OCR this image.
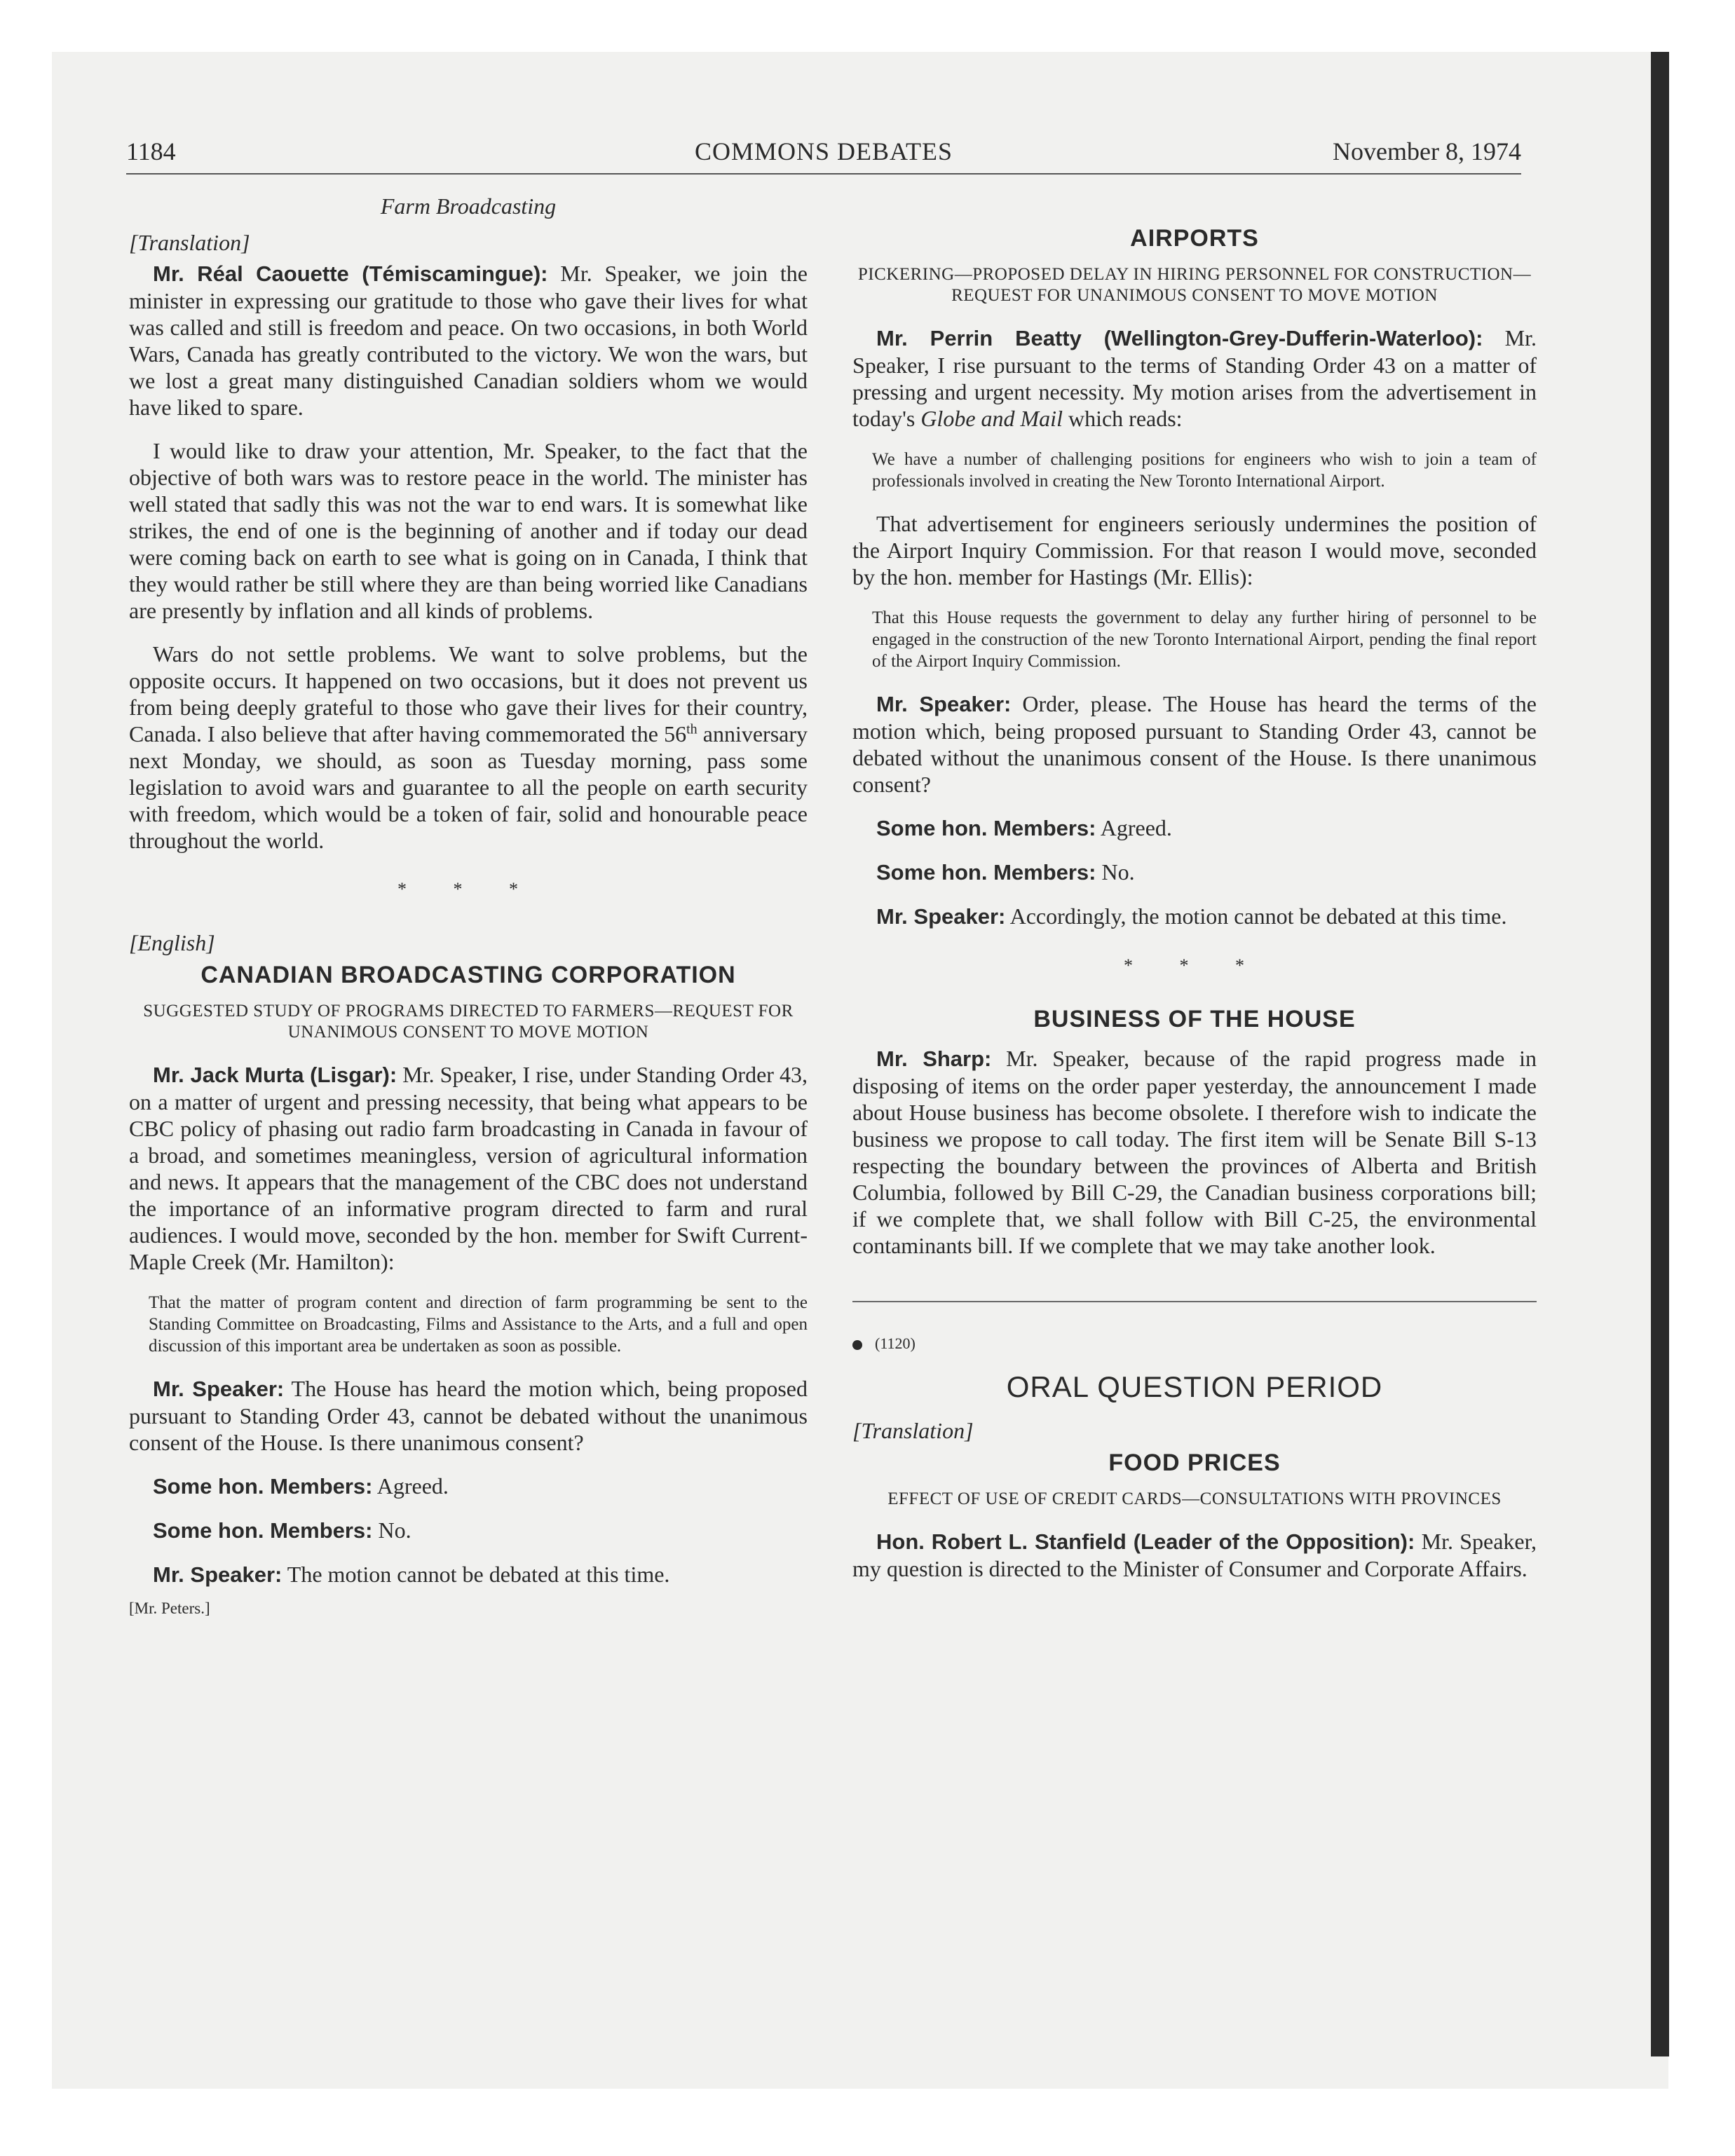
1184	COMMONS DEBATES	November 8, 1974
Farm Broadcasting
[Translation]

Mr. Réal Caouette (Témiscamingue): Mr. Speaker, we join the minister in expressing our gratitude to those who gave their lives for what was called and still is freedom and peace. On two occasions, in both World Wars, Canada has greatly contributed to the victory. We won the wars, but we lost a great many distinguished Canadian soldiers whom we would have liked to spare.

I would like to draw your attention, Mr. Speaker, to the fact that the objective of both wars was to restore peace in the world. The minister has well stated that sadly this was not the war to end wars. It is somewhat like strikes, the end of one is the beginning of another and if today our dead were coming back on earth to see what is going on in Canada, I think that they would rather be still where they are than being worried like Canadians are presently by inflation and all kinds of problems.

Wars do not settle problems. We want to solve problems, but the opposite occurs. It happened on two occasions, but it does not prevent us from being deeply grateful to those who gave their lives for their country, Canada. I also believe that after having commemorated the 56th anniversary next Monday, we should, as soon as Tuesday morning, pass some legislation to avoid wars and guarantee to all the people on earth security with freedom, which would be a token of fair, solid and honourable peace throughout the world.

* * *
[English]
CANADIAN BROADCASTING CORPORATION
SUGGESTED STUDY OF PROGRAMS DIRECTED TO FARMERS—REQUEST FOR UNANIMOUS CONSENT TO MOVE MOTION

Mr. Jack Murta (Lisgar): Mr. Speaker, I rise, under Standing Order 43, on a matter of urgent and pressing necessity, that being what appears to be CBC policy of phasing out radio farm broadcasting in Canada in favour of a broad, and sometimes meaningless, version of agricultural information and news. It appears that the management of the CBC does not understand the importance of an informative program directed to farm and rural audiences. I would move, seconded by the hon. member for Swift Current-Maple Creek (Mr. Hamilton):

That the matter of program content and direction of farm programming be sent to the Standing Committee on Broadcasting, Films and Assistance to the Arts, and a full and open discussion of this important area be undertaken as soon as possible.

Mr. Speaker: The House has heard the motion which, being proposed pursuant to Standing Order 43, cannot be debated without the unanimous consent of the House. Is there unanimous consent?

Some hon. Members: Agreed.

Some hon. Members: No.

Mr. Speaker: The motion cannot be debated at this time.

[Mr. Peters.]
AIRPORTS
PICKERING—PROPOSED DELAY IN HIRING PERSONNEL FOR CONSTRUCTION—REQUEST FOR UNANIMOUS CONSENT TO MOVE MOTION

Mr. Perrin Beatty (Wellington-Grey-Dufferin-Waterloo): Mr. Speaker, I rise pursuant to the terms of Standing Order 43 on a matter of pressing and urgent necessity. My motion arises from the advertisement in today's Globe and Mail which reads:

We have a number of challenging positions for engineers who wish to join a team of professionals involved in creating the New Toronto International Airport.

That advertisement for engineers seriously undermines the position of the Airport Inquiry Commission. For that reason I would move, seconded by the hon. member for Hastings (Mr. Ellis):

That this House requests the government to delay any further hiring of personnel to be engaged in the construction of the new Toronto International Airport, pending the final report of the Airport Inquiry Commission.

Mr. Speaker: Order, please. The House has heard the terms of the motion which, being proposed pursuant to Standing Order 43, cannot be debated without the unanimous consent of the House. Is there unanimous consent?

Some hon. Members: Agreed.

Some hon. Members: No.

Mr. Speaker: Accordingly, the motion cannot be debated at this time.

* * *
BUSINESS OF THE HOUSE

Mr. Sharp: Mr. Speaker, because of the rapid progress made in disposing of items on the order paper yesterday, the announcement I made about House business has become obsolete. I therefore wish to indicate the business we propose to call today. The first item will be Senate Bill S-13 respecting the boundary between the provinces of Alberta and British Columbia, followed by Bill C-29, the Canadian business corporations bill; if we complete that, we shall follow with Bill C-25, the environmental contaminants bill. If we complete that we may take another look.

(1120)
ORAL QUESTION PERIOD
[Translation]
FOOD PRICES
EFFECT OF USE OF CREDIT CARDS—CONSULTATIONS WITH PROVINCES

Hon. Robert L. Stanfield (Leader of the Opposition): Mr. Speaker, my question is directed to the Minister of Consumer and Corporate Affairs.
